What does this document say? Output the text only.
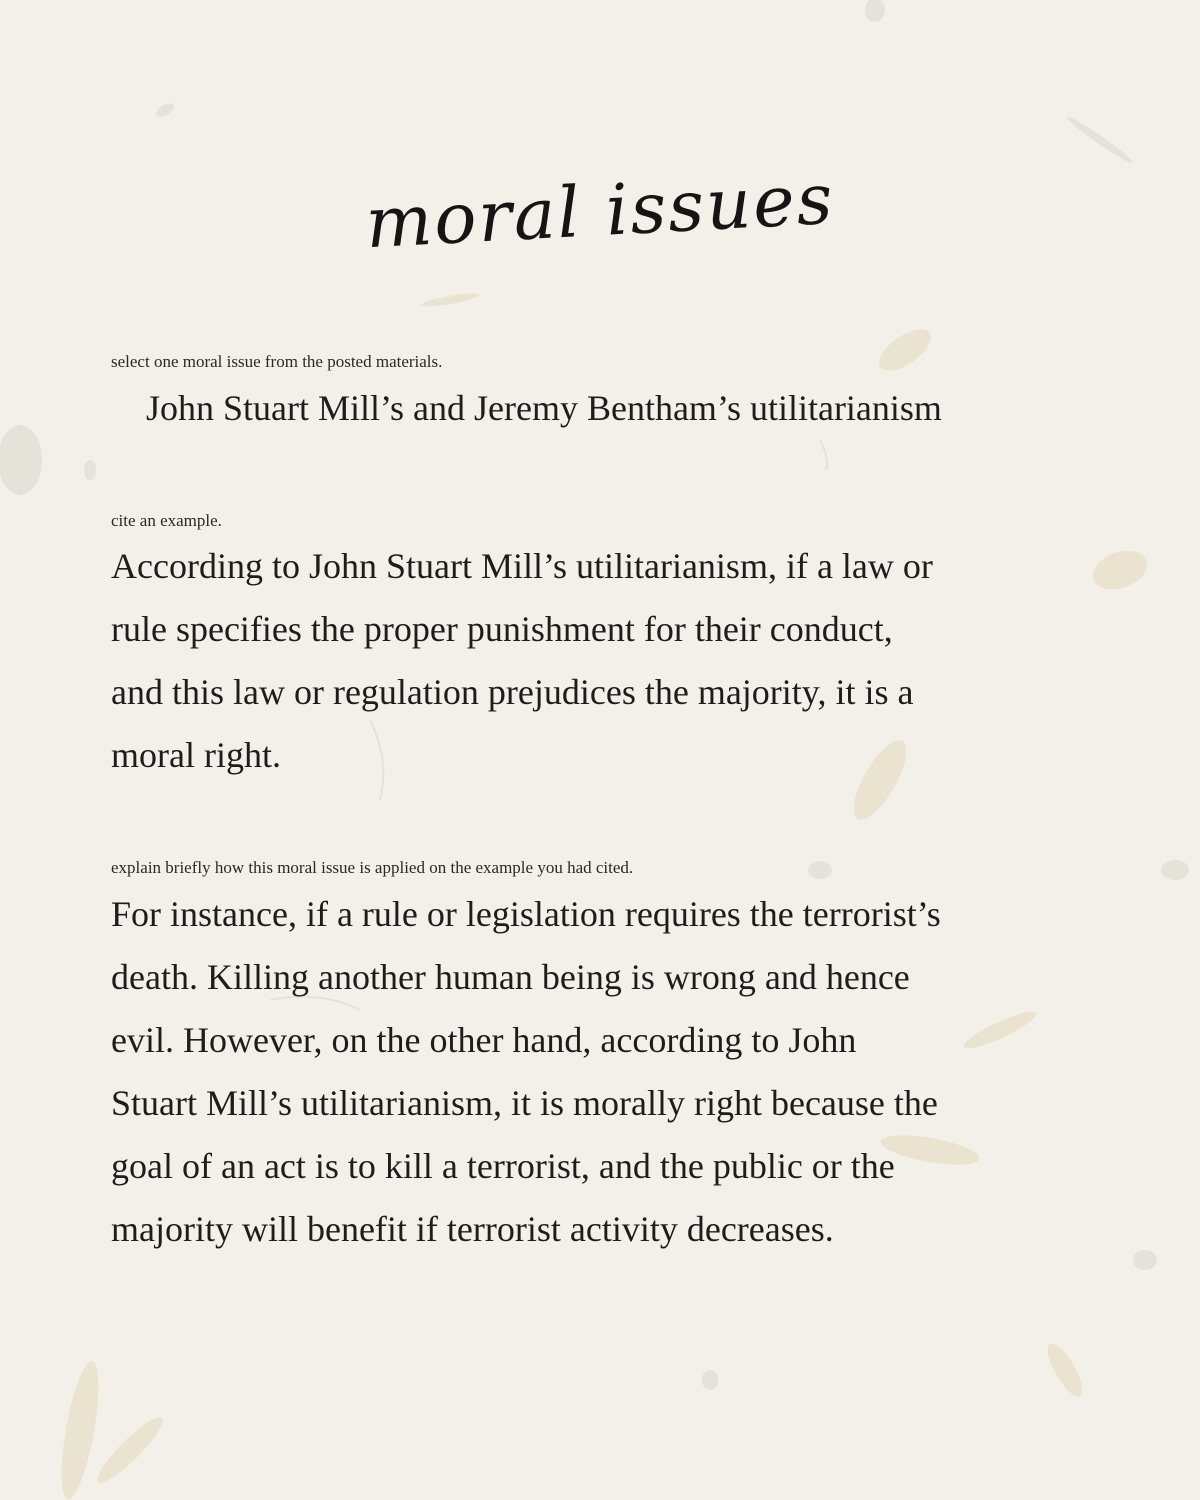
moral issues

select one moral issue from the posted materials.

John Stuart Mill’s and Jeremy Bentham’s utilitarianism

cite an example.

According to John Stuart Mill’s utilitarianism, if a law or
rule specifies the proper punishment for their conduct,
and this law or regulation prejudices the majority, it is a
moral right.

explain briefly how this moral issue is applied on the example you had cited.

For instance, if a rule or legislation requires the terrorist’s
death. Killing another human being is wrong and hence
evil. However, on the other hand, according to John
Stuart Mill’s utilitarianism, it is morally right because the
goal of an act is to kill a terrorist, and the public or the
majority will benefit if terrorist activity decreases.
